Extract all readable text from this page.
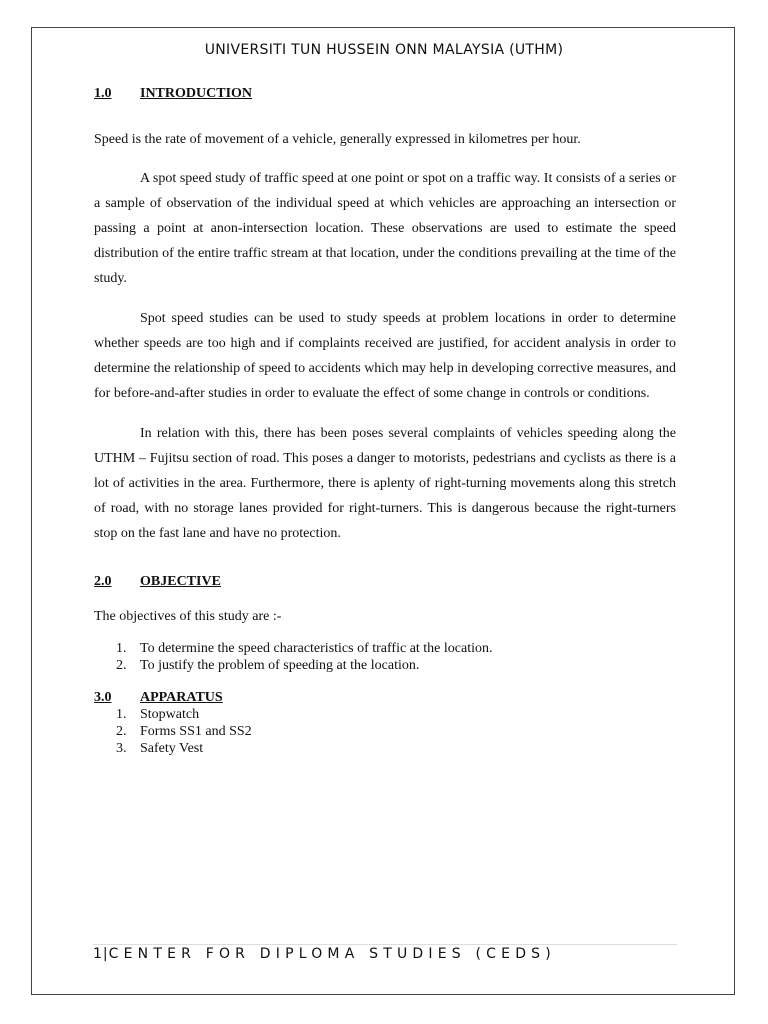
UNIVERSITI TUN HUSSEIN ONN MALAYSIA (UTHM)
1.0	INTRODUCTION

Speed is the rate of movement of a vehicle, generally expressed in kilometres per hour.

A spot speed study of traffic speed at one point or spot on a traffic way. It consists of a series or a sample of observation of the individual speed at which vehicles are approaching an intersection or passing a point at anon-intersection location. These observations are used to estimate the speed distribution of the entire traffic stream at that location, under the conditions prevailing at the time of the study.

Spot speed studies can be used to study speeds at problem locations in order to determine whether speeds are too high and if complaints received are justified, for accident analysis in order to determine the relationship of speed to accidents which may help in developing corrective measures, and for before-and-after studies in order to evaluate the effect of some change in controls or conditions.

In relation with this, there has been poses several complaints of vehicles speeding along the UTHM – Fujitsu section of road. This poses a danger to motorists, pedestrians and cyclists as there is a lot of activities in the area. Furthermore, there is aplenty of right-turning movements along this stretch of road, with no storage lanes provided for right-turners. This is dangerous because the right-turners stop on the fast lane and have no protection.

2.0	OBJECTIVE

The objectives of this study are :-

1. To determine the speed characteristics of traffic at the location.
2. To justify the problem of speeding at the location.
3.0	APPARATUS
1. Stopwatch
2. Forms SS1 and SS2
3. Safety Vest
1|CENTER FOR DIPLOMA STUDIES (CEDS)
